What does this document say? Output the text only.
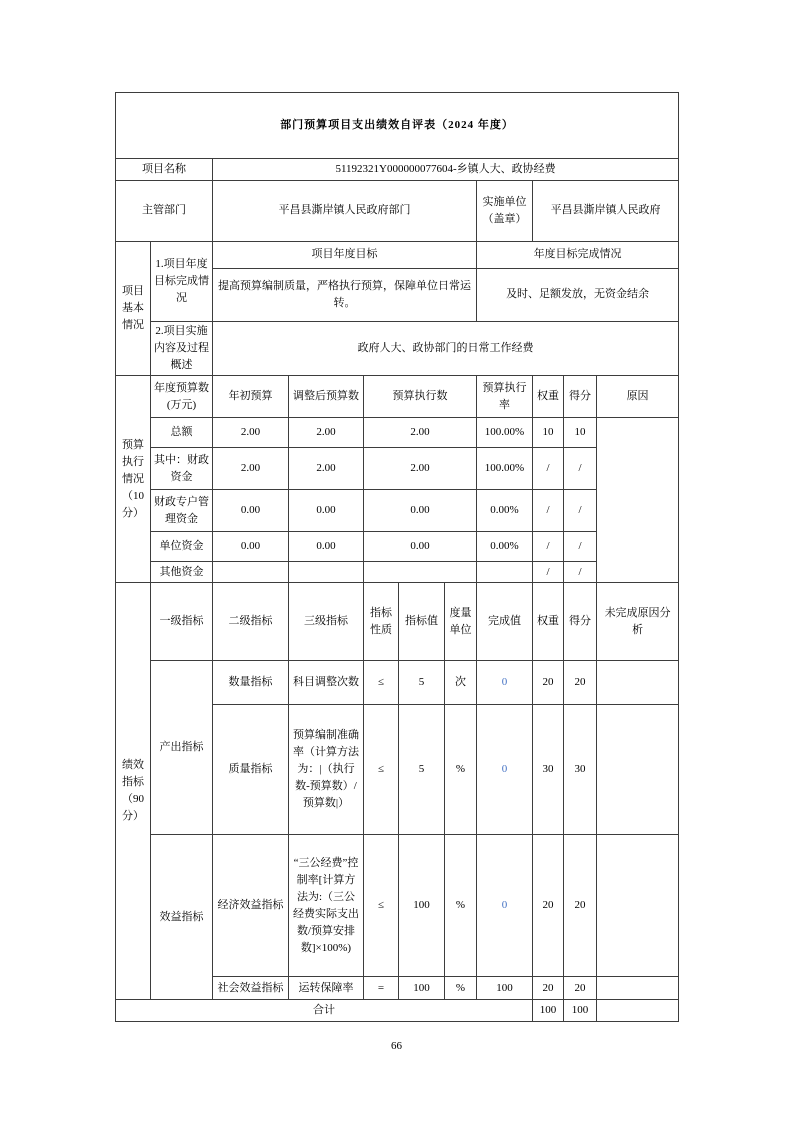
部门预算项目支出绩效自评表（2024 年度）										
项目名称		51192321Y000000077604-乡镇人大、政协经费								
主管部门		平昌县澌岸镇人民政府部门					实施单位（盖章）	平昌县澌岸镇人民政府		
项目基本情况	1.项目年度目标完成情况	项目年度目标					年度目标完成情况			
		提高预算编制质量，严格执行预算，保障单位日常运转。					及时、足额发放，无资金结余			
	2.项目实施内容及过程概述	政府人大、政协部门的日常工作经费								
预算执行情况（10分）	年度预算数(万元)	年初预算	调整后预算数	预算执行数			预算执行率	权重	得分	原因
	总额	2.00	2.00	2.00			100.00%	10	10	
	其中：财政资金	2.00	2.00	2.00			100.00%	/	/	
	财政专户管理资金	0.00	0.00	0.00			0.00%	/	/	
	单位资金	0.00	0.00	0.00			0.00%	/	/	
	其他资金							/	/	
绩效指标（90分）	一级指标	二级指标	三级指标	指标性质	指标值	度量单位	完成值	权重	得分	未完成原因分析
	产出指标	数量指标	科目调整次数	≤	5	次	0	20	20	
		质量指标	预算编制准确率（计算方法为：|（执行数-预算数）/预算数|）	≤	5	%	0	30	30	
	效益指标	经济效益指标	“三公经费”控制率[计算方法为:（三公经费实际支出数/预算安排数]×100%)	≤	100	%	0	20	20	
		社会效益指标	运转保障率	=	100	%	100	20	20	
合计								100	100	
66
